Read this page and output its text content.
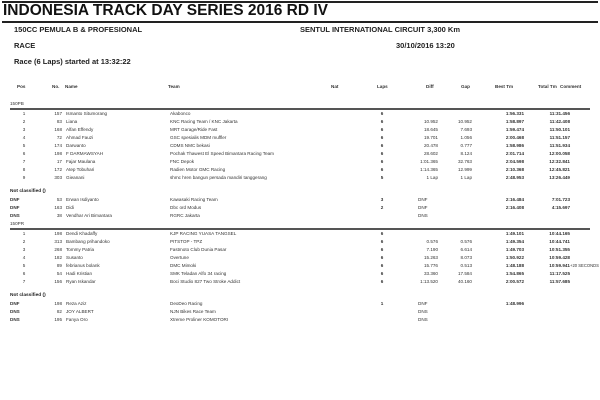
INDONESIA TRACK DAY SERIES 2016 RD IV
150CC PEMULA B & PROFESIONAL	SENTUL INTERNATIONAL CIRCUIT 3,300 Km
RACE	30/10/2016 13:20
Race (6 Laps) started at 13:32:22
Pos	No. Name	Team	Nat	Laps	Diff	Gap	Best Tm	Total Tm Comment
150PB
1	157 Ismanto Situmorang	Akabonco	6	1:56.331	11:31.456
2	83 Liana	KNC Racing Team / KNC Jakarta	6	10.952	10.952	1:58.897	11:42.408
3	168 Alfan Effendy	MRT Garage/Ride Fast	6	18.645	7.693	1:59.474	11:50.101
4	72 Ahmad Fauzi	GSC spesialis MDM muffler	6	19.701	1.056	2:00.468	11:51.157
5	174 Darwanto	CDMS NMC bekasi	6	20.478	0.777	1:58.986	11:51.934
6	198 F DARMAWSYAH	Pochak Thawest El Speed Bimantara Racing Team	6	28.602	8.124	2:01.714	12:00.058
7	17 Fajar Maulana	FNC Depok	6	1:01.365	32.763	2:04.598	12:32.841
8	172 Atep Tobuhari	Radien Motor GMC Racing	6	1:14.365	12.999	2:10.368	12:45.821
9	303 Gieanani	shmc hren bangun persada mandiri tanggerang	5	1 Lap	1 Lap	2:48.953	13:26.449
Not classified ()
DNF	53 Erwan Isdiyanto	Kawasaki Racing Team	3	DNF	2:16.484	7:01.723
DNF	163 Didi	Dbc ord Modus	2	DNF	2:16.408	4:15.697
DNS	38 Vendhar Ari Bimantara	RGRC Jakarta	DNS
150PR
1	198 Dendi Khadaffy	KJP RACING YUASA TANGSEL	6	1:49.101	10:44.165
2	313 Bambang prihandoko	PITSTOP - TPZ	6	0.576	0.576	1:49.354	10:44.741
3	268 Tommy Patria	Fastmoto Club Dunia Pasar	6	7.190	6.614	1:49.703	10:51.355
4	182 Susanto	Overtune	6	15.263	8.073	1:50.922	10:59.428
5	89 febrianus bolank	DMC Mimoki	6	15.776	0.513	1:48.188	10:59.941 +20 SECONDS
6	54 Hadi Kristian	SMK Teladan Alfo 34 racing	6	33.360	17.584	1:54.865	11:17.525
7	156 Ryan Iskandar	Boci Studio 827 Two Stroke Addict	6	1:13.520	40.160	2:00.572	11:57.685
Not classified ()
DNF	198 Reza Aziz	DeoDeo Racing	1	DNF	1:48.996
DNS	82 JOY ALBERT	NJN Bikes Race Team	DNS
DNS	195 Fanya Oro	Xtreme Proliner KOMOTORI	DNS
